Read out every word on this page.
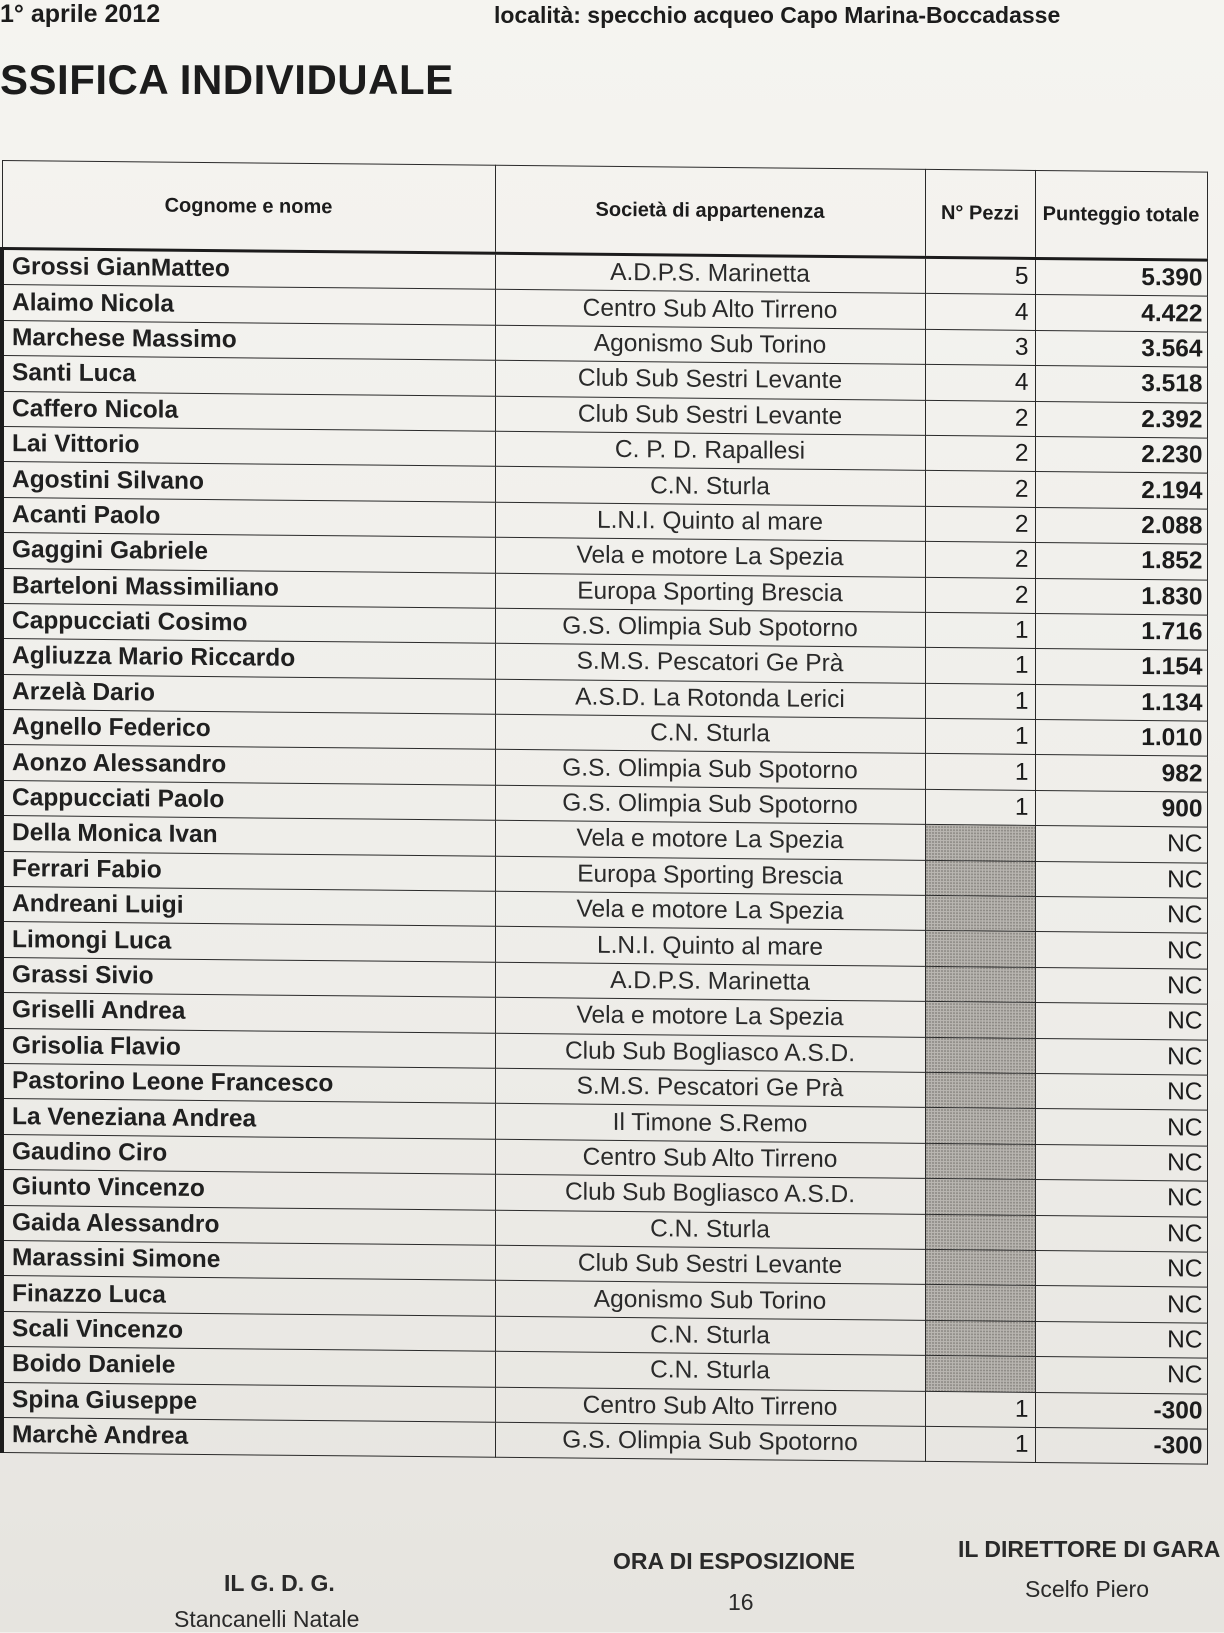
1° aprile 2012	località: specchio acqueo Capo Marina-Boccadasse
SSIFICA INDIVIDUALE
Cognome e nome	Società di appartenenza	N° Pezzi	Punteggio totale
Grossi GianMatteo	A.D.P.S. Marinetta	5	5.390
Alaimo Nicola	Centro Sub Alto Tirreno	4	4.422
Marchese Massimo	Agonismo Sub Torino	3	3.564
Santi Luca	Club Sub Sestri Levante	4	3.518
Caffero Nicola	Club Sub Sestri Levante	2	2.392
Lai Vittorio	C. P. D. Rapallesi	2	2.230
Agostini Silvano	C.N. Sturla	2	2.194
Acanti Paolo	L.N.I. Quinto al mare	2	2.088
Gaggini Gabriele	Vela e motore La Spezia	2	1.852
Barteloni Massimiliano	Europa Sporting Brescia	2	1.830
Cappucciati Cosimo	G.S. Olimpia Sub Spotorno	1	1.716
Agliuzza Mario Riccardo	S.M.S. Pescatori Ge Prà	1	1.154
Arzelà Dario	A.S.D. La Rotonda Lerici	1	1.134
Agnello Federico	C.N. Sturla	1	1.010
Aonzo Alessandro	G.S. Olimpia Sub Spotorno	1	982
Cappucciati Paolo	G.S. Olimpia Sub Spotorno	1	900
Della Monica Ivan	Vela e motore La Spezia		NC
Ferrari Fabio	Europa Sporting Brescia		NC
Andreani Luigi	Vela e motore La Spezia		NC
Limongi Luca	L.N.I. Quinto al mare		NC
Grassi Sivio	A.D.P.S. Marinetta		NC
Griselli Andrea	Vela e motore La Spezia		NC
Grisolia Flavio	Club Sub Bogliasco A.S.D.		NC
Pastorino Leone Francesco	S.M.S. Pescatori Ge Prà		NC
La Veneziana Andrea	Il Timone S.Remo		NC
Gaudino Ciro	Centro Sub Alto Tirreno		NC
Giunto Vincenzo	Club Sub Bogliasco A.S.D.		NC
Gaida Alessandro	C.N. Sturla		NC
Marassini Simone	Club Sub Sestri Levante		NC
Finazzo Luca	Agonismo Sub Torino		NC
Scali Vincenzo	C.N. Sturla		NC
Boido Daniele	C.N. Sturla		NC
Spina Giuseppe	Centro Sub Alto Tirreno	1	-300
Marchè Andrea	G.S. Olimpia Sub Spotorno	1	-300
IL G. D. G.
Stancanelli Natale
ORA DI ESPOSIZIONE
16
IL DIRETTORE DI GARA
Scelfo Piero
